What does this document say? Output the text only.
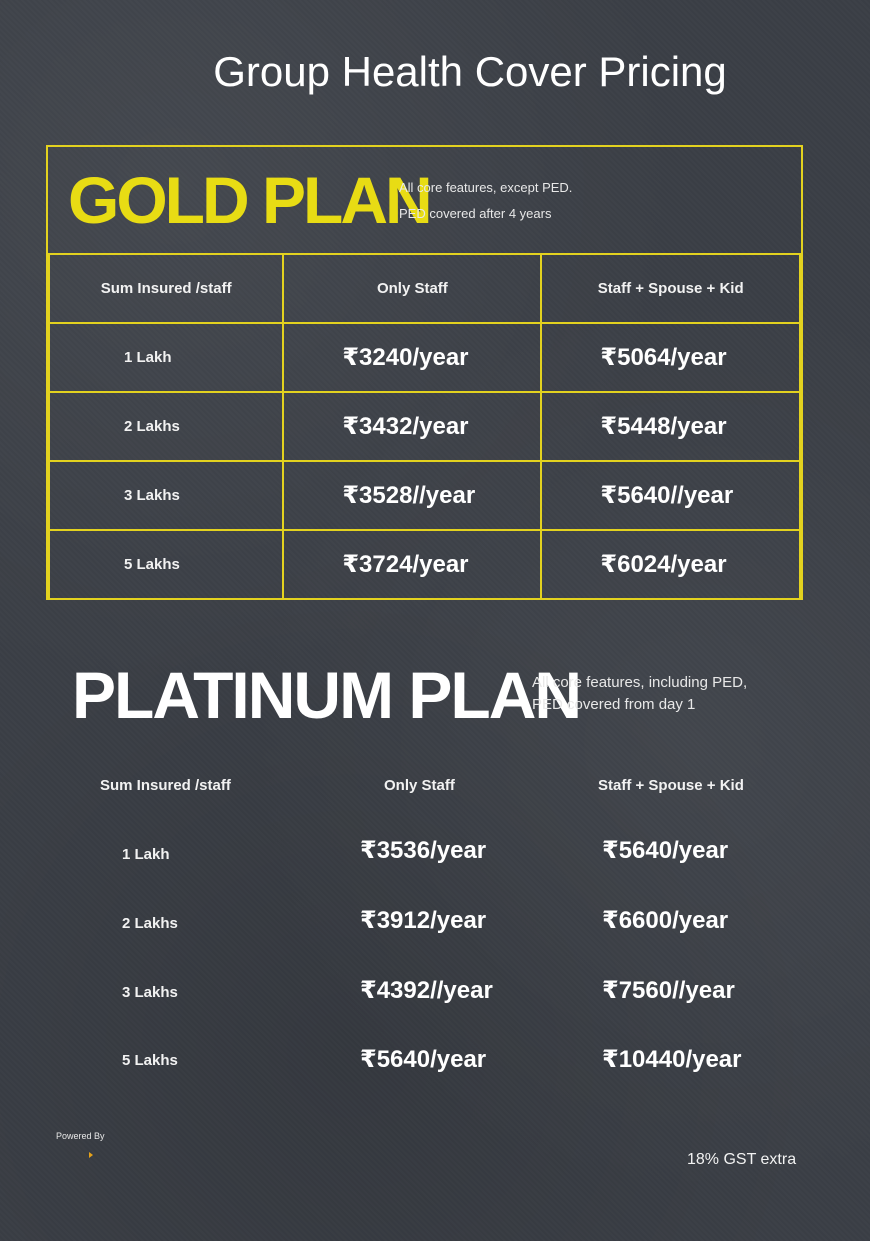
Group Health Cover Pricing
GOLD PLAN
All core features, except PED.
PED covered after 4 years
Sum Insured /staff	Only Staff	Staff + Spouse + Kid
1 Lakh	₹3240/year	₹5064/year
2 Lakhs	₹3432/year	₹5448/year
3 Lakhs	₹3528//year	₹5640//year
5 Lakhs	₹3724/year	₹6024/year
PLATINUM PLAN
All core features, including PED,
PED covered from day 1
Sum Insured /staff	Only Staff	Staff + Spouse + Kid
1 Lakh	₹3536/year	₹5640/year
2 Lakhs	₹3912/year	₹6600/year
3 Lakhs	₹4392//year	₹7560//year
5 Lakhs	₹5640/year	₹10440/year
Powered By
18% GST extra
